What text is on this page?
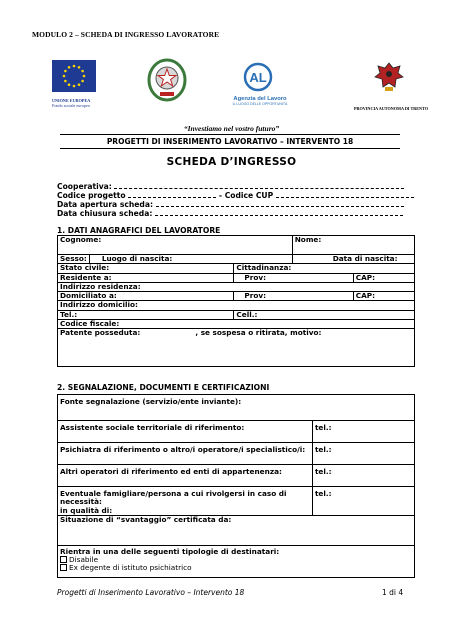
MODULO 2 – SCHEDA DI INGRESSO LAVORATORE
UNIONE EUROPEA
Fondo sociale europeo
AL
Agenzia del Lavoro
IL LUOGO DELLE OPPORTUNITÀ
PROVINCIA AUTONOMA DI TRENTO
“Investiamo nel vostro futuro”
PROGETTI DI INSERIMENTO LAVORATIVO – INTERVENTO 18
SCHEDA D’INGRESSO
Cooperativa:
Codice progetto	- Codice CUP
Data apertura scheda:
Data chiusura scheda:
1. DATI ANAGRAFICI DEL LAVORATORE
Cognome:			Nome:	
Sesso:	Luogo di nascita:		Data di nascita:	
Stato civile:		Cittadinanza:		
Residente a:		Prov:		CAP:
Indirizzo residenza:				
Domiciliato a:		Prov:		CAP:
Indirizzo domicilio:				
Tel.:		Cell.:		
Codice fiscale:				
Patente posseduta: , se sospesa o ritirata, motivo:				
2. SEGNALAZIONE, DOCUMENTI E CERTIFICAZIONI
Fonte segnalazione (servizio/ente inviante):	
Assistente sociale territoriale di riferimento:	tel.:
Psichiatra di riferimento o altro/i operatore/i specialistico/i:	tel.:
Altri operatori di riferimento ed enti di appartenenza:	tel.:

Eventuale famigliare/persona a cui rivolgersi in caso di
necessità:
in qualità di:	tel.:
Situazione di “svantaggio” certificata da:	

Rientra in una delle seguenti tipologie di destinatari:
Disabile
Ex degente di istituto psichiatrico	
Progetti di Inserimento Lavorativo – Intervento 18	1 di 4
